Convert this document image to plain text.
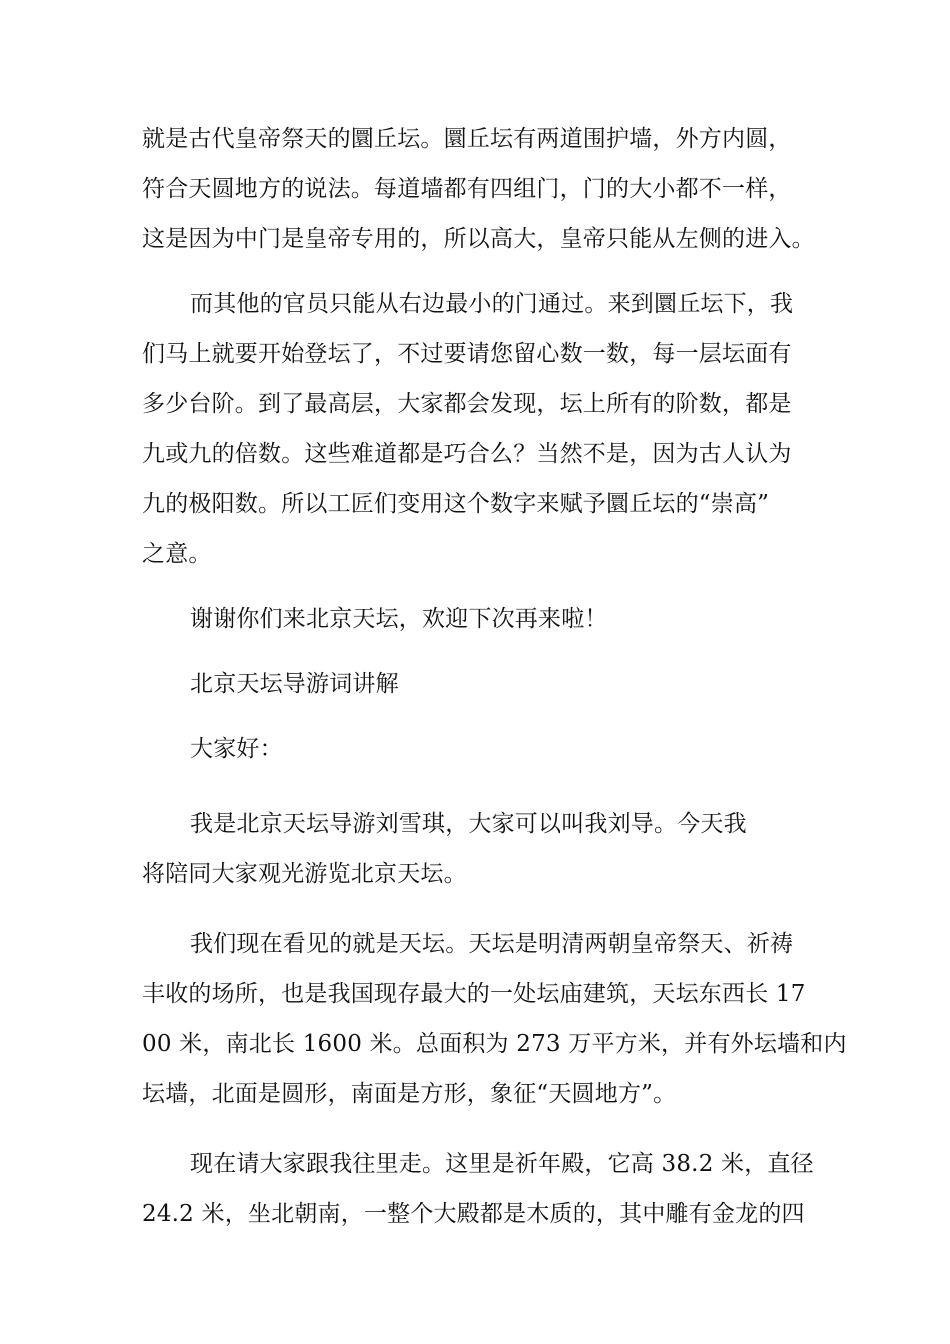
就是古代皇帝祭天的圜丘坛。圜丘坛有两道围护墙，外方内圆，
符合天圆地方的说法。每道墙都有四组门，门的大小都不一样，
这是因为中门是皇帝专用的，所以高大，皇帝只能从左侧的进入。
而其他的官员只能从右边最小的门通过。来到圜丘坛下，我
们马上就要开始登坛了，不过要请您留心数一数，每一层坛面有
多少台阶。到了最高层，大家都会发现，坛上所有的阶数，都是
九或九的倍数。这些难道都是巧合么？当然不是，因为古人认为
九的极阳数。所以工匠们变用这个数字来赋予圜丘坛的“崇高”
之意。
谢谢你们来北京天坛，欢迎下次再来啦！
北京天坛导游词讲解
大家好：
我是北京天坛导游刘雪琪，大家可以叫我刘导。今天我
将陪同大家观光游览北京天坛。
我们现在看见的就是天坛。天坛是明清两朝皇帝祭天、祈祷
丰收的场所，也是我国现存最大的一处坛庙建筑，天坛东西长 17
00 米，南北长 1600 米。总面积为 273 万平方米，并有外坛墙和内
坛墙，北面是圆形，南面是方形，象征“天圆地方”。
现在请大家跟我往里走。这里是祈年殿，它高 38.2 米，直径
24.2 米，坐北朝南，一整个大殿都是木质的，其中雕有金龙的四
